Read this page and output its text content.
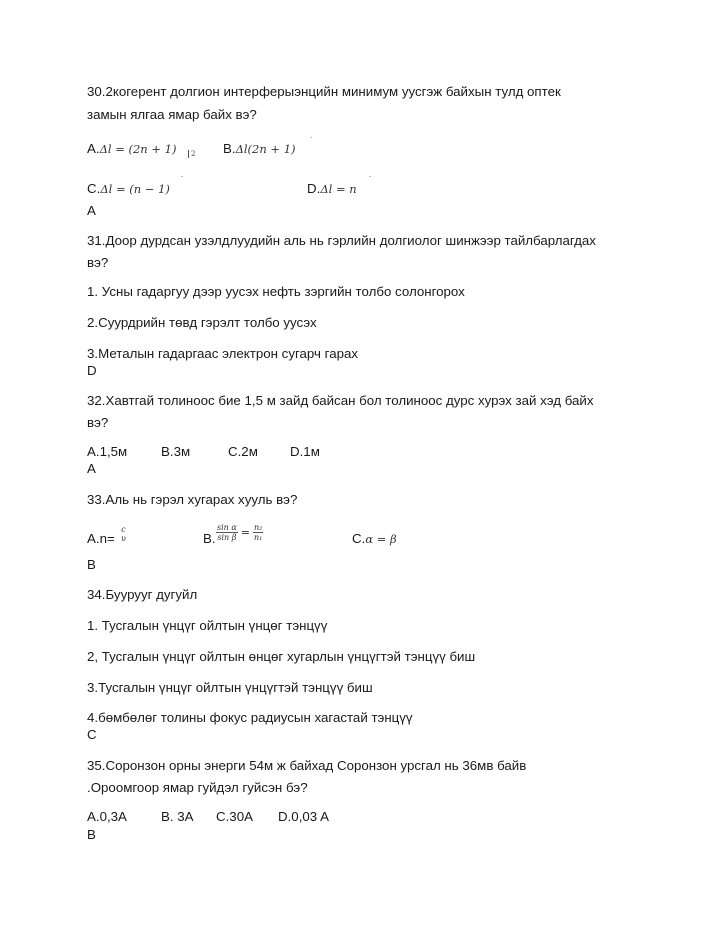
30.2когерент долгион интерферыэнцийн минимум уусгэж байхын тулд оптек
замын ялгаа ямар байх вэ?
A.Δl = (2n + 1)	2 B.Δl(2n + 1)
·
C.Δl = (n − 1)
·
D.Δl = n
·
A
31.Доор дурдсан узэлдлуудийн аль нь гэрлийн долгиолог шинжээр тайлбарлагдах
вэ?
1. Усны гадаргуу дээр уусэх нефть зэргийн толбо солонгорох
2.Суурдрийн төвд гэрэлт толбо уусэх
3.Металын гадаргаас электрон сугарч гарах
D
32.Хавтгай толиноос бие 1,5 м зайд байсан бол толиноос дурс хурэх зай хэд байх
вэ?
A.1,5м	B.3м	C.2м D.1м
A
33.Аль нь гэрэл хугарах хууль вэ?
A.n=
c
υ	B. $\frac{\text{sin α}}{\text{sin β}} = \frac{\text{n₂}}{\text{n₁}}$	C.α = β
B
34.Буурууг дугуйл
1. Тусгалын үнцүг ойлтын үнцөг тэнцүү
2, Тусгалын үнцүг ойлтын өнцөг хугарлын үнцүгтэй тэнцүү биш
3.Тусгалын үнцүг ойлтын үнцүгтэй тэнцүү биш
4.бөмбөлөг толины фокус радиусын хагастай тэнцүү
C
35.Соронзон орны энерги 54м ж байхад Соронзон урсгал нь 36мв байв
.Ороомгоор ямар гуйдэл гуйсэн бэ?
A.0,3A	B. 3A C.30A D.0,03 A
B
